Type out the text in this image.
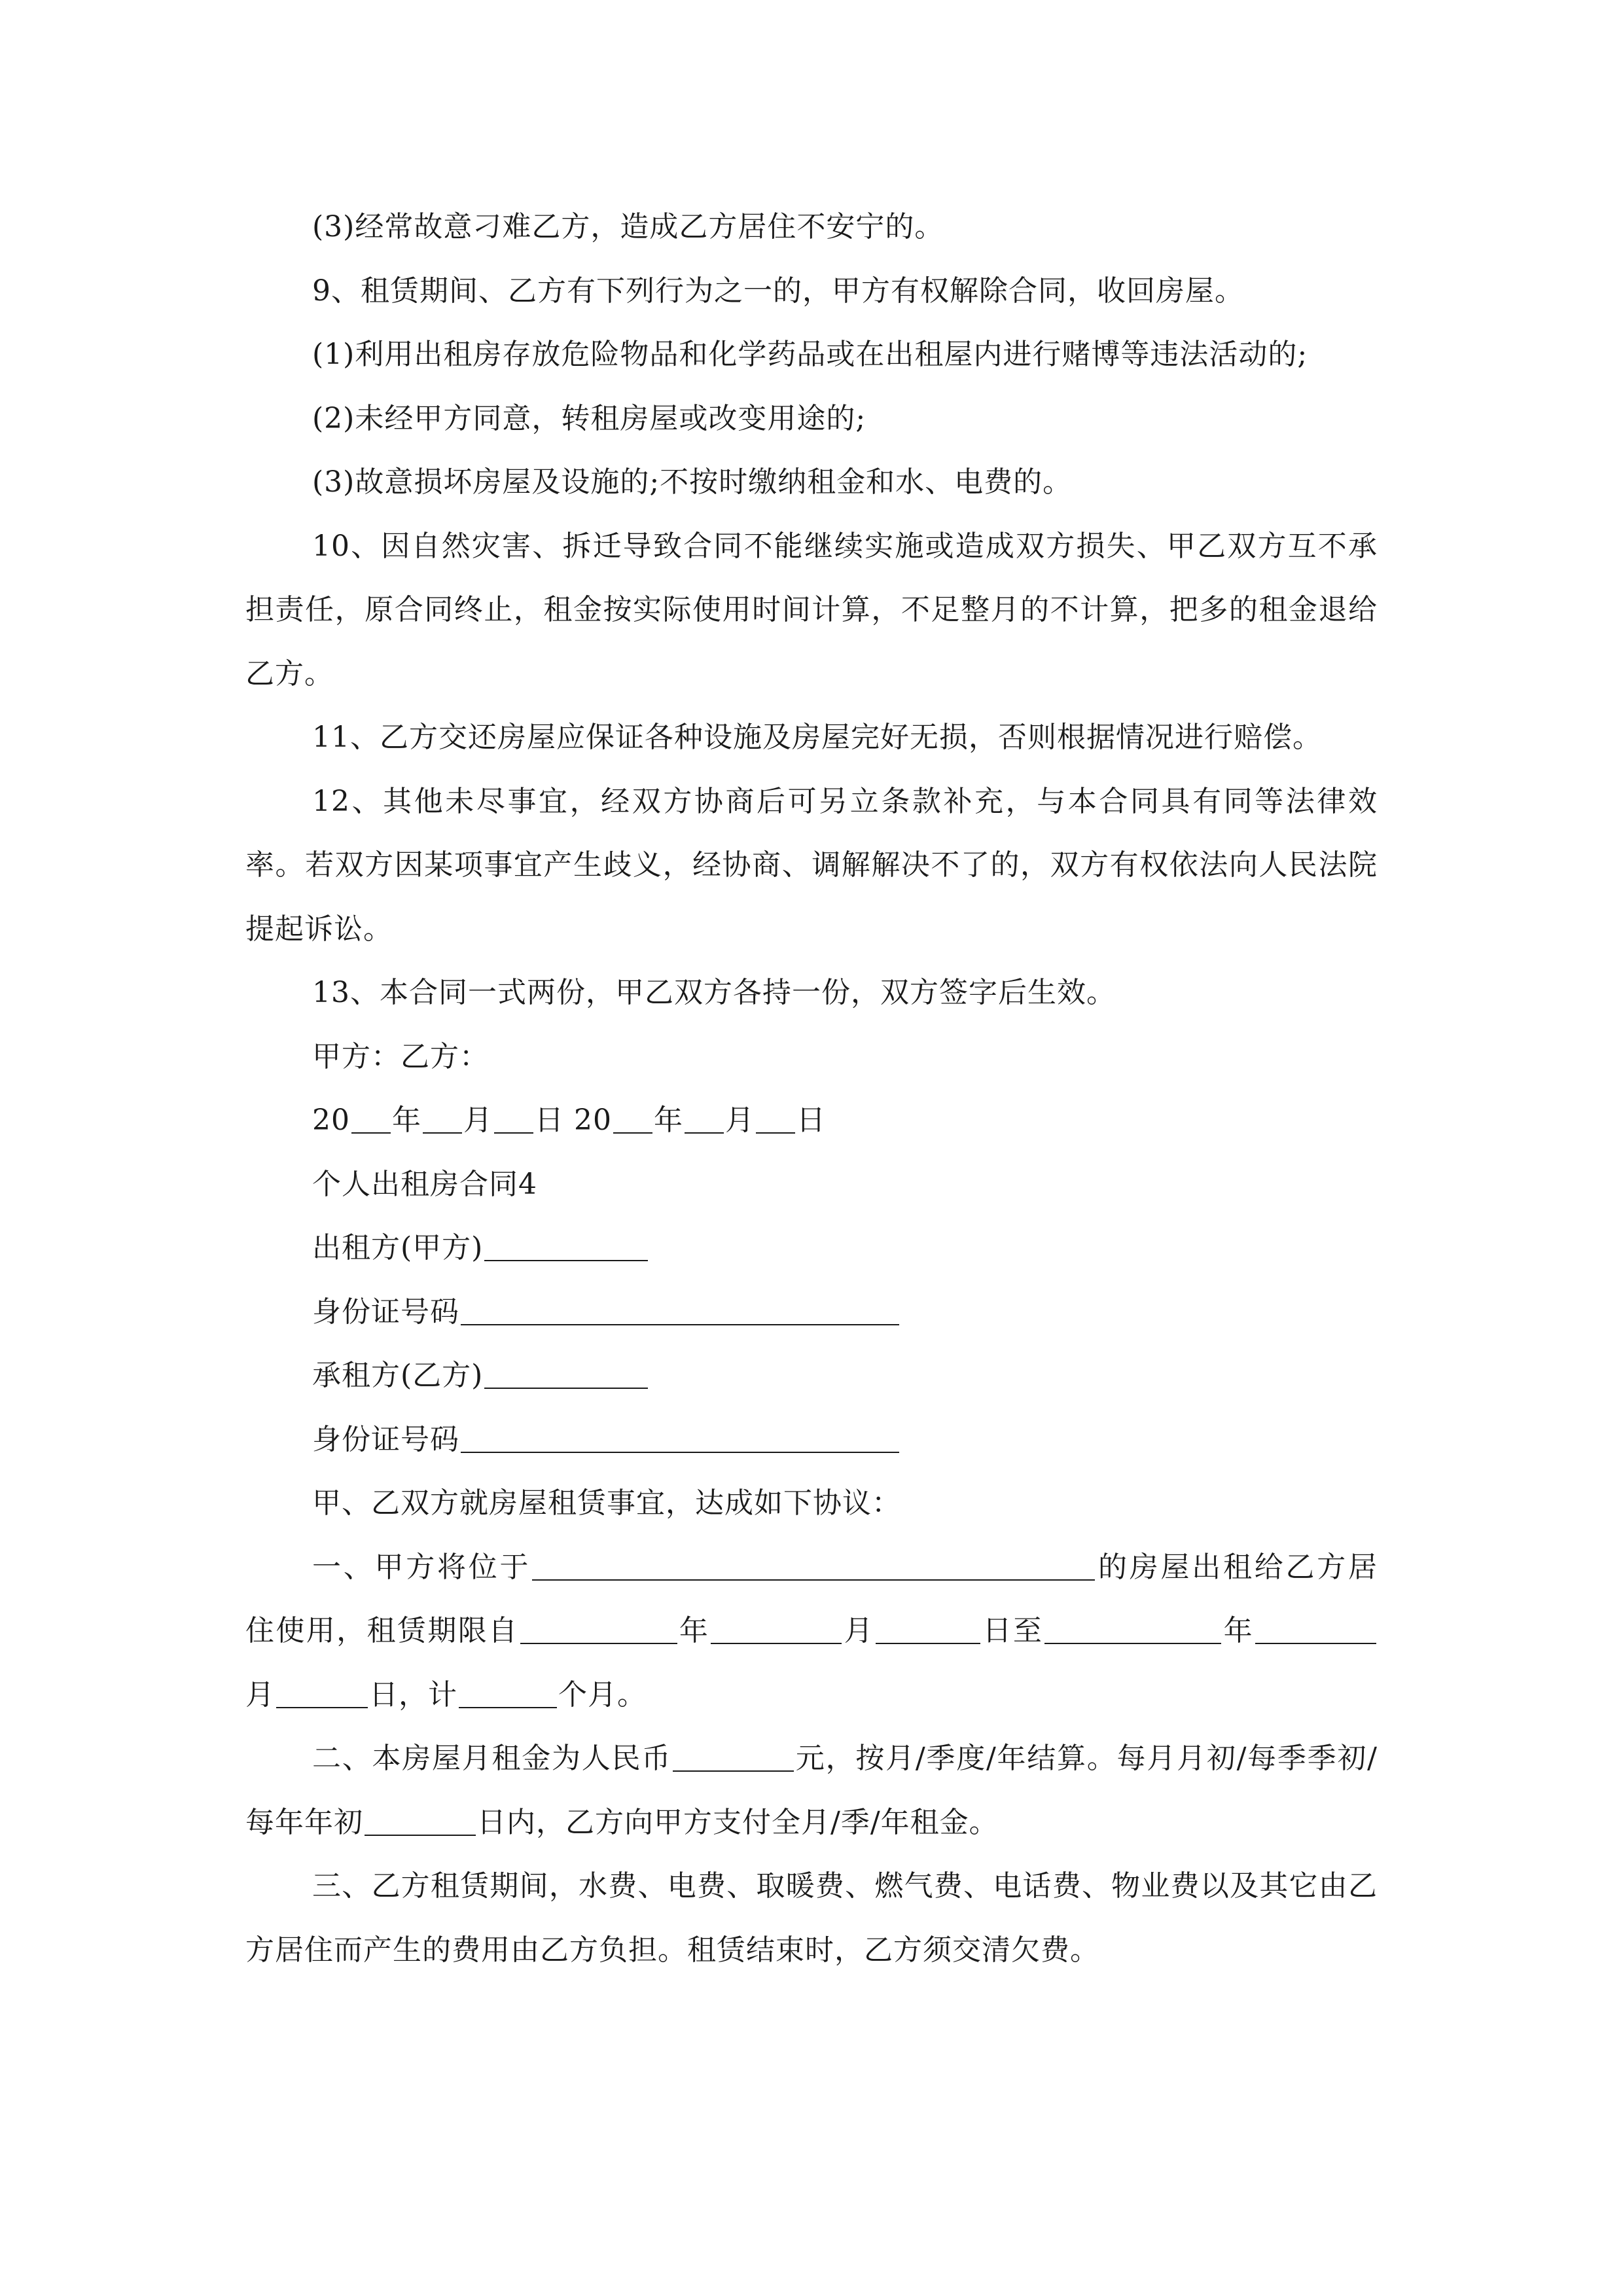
(3)经常故意刁难乙方，造成乙方居住不安宁的。

9、租赁期间、乙方有下列行为之一的，甲方有权解除合同，收回房屋。

(1)利用出租房存放危险物品和化学药品或在出租屋内进行赌博等违法活动的;

(2)未经甲方同意，转租房屋或改变用途的;

(3)故意损坏房屋及设施的;不按时缴纳租金和水、电费的。

10、因自然灾害、拆迁导致合同不能继续实施或造成双方损失、甲乙双方互不承担责任，原合同终止，租金按实际使用时间计算，不足整月的不计算，把多的租金退给乙方。

11、乙方交还房屋应保证各种设施及房屋完好无损，否则根据情况进行赔偿。

12、其他未尽事宜，经双方协商后可另立条款补充，与本合同具有同等法律效率。若双方因某项事宜产生歧义，经协商、调解解决不了的，双方有权依法向人民法院提起诉讼。

13、本合同一式两份，甲乙双方各持一份，双方签字后生效。

甲方：乙方：

20 年 月 日 20 年 月 日

个人出租房合同4

出租方(甲方)

身份证号码

承租方(乙方)

身份证号码

甲、乙双方就房屋租赁事宜，达成如下协议：

一、甲方将位于	的房屋出租给乙方居住使用，租赁期限自	年	月	日至	年月	日，计	个月。

二、本房屋月租金为人民币	元，按月/季度/年结算。每月月初/每季季初/每年年初	日内，乙方向甲方支付全月/季/年租金。

三、乙方租赁期间，水费、电费、取暖费、燃气费、电话费、物业费以及其它由乙方居住而产生的费用由乙方负担。租赁结束时，乙方须交清欠费。
